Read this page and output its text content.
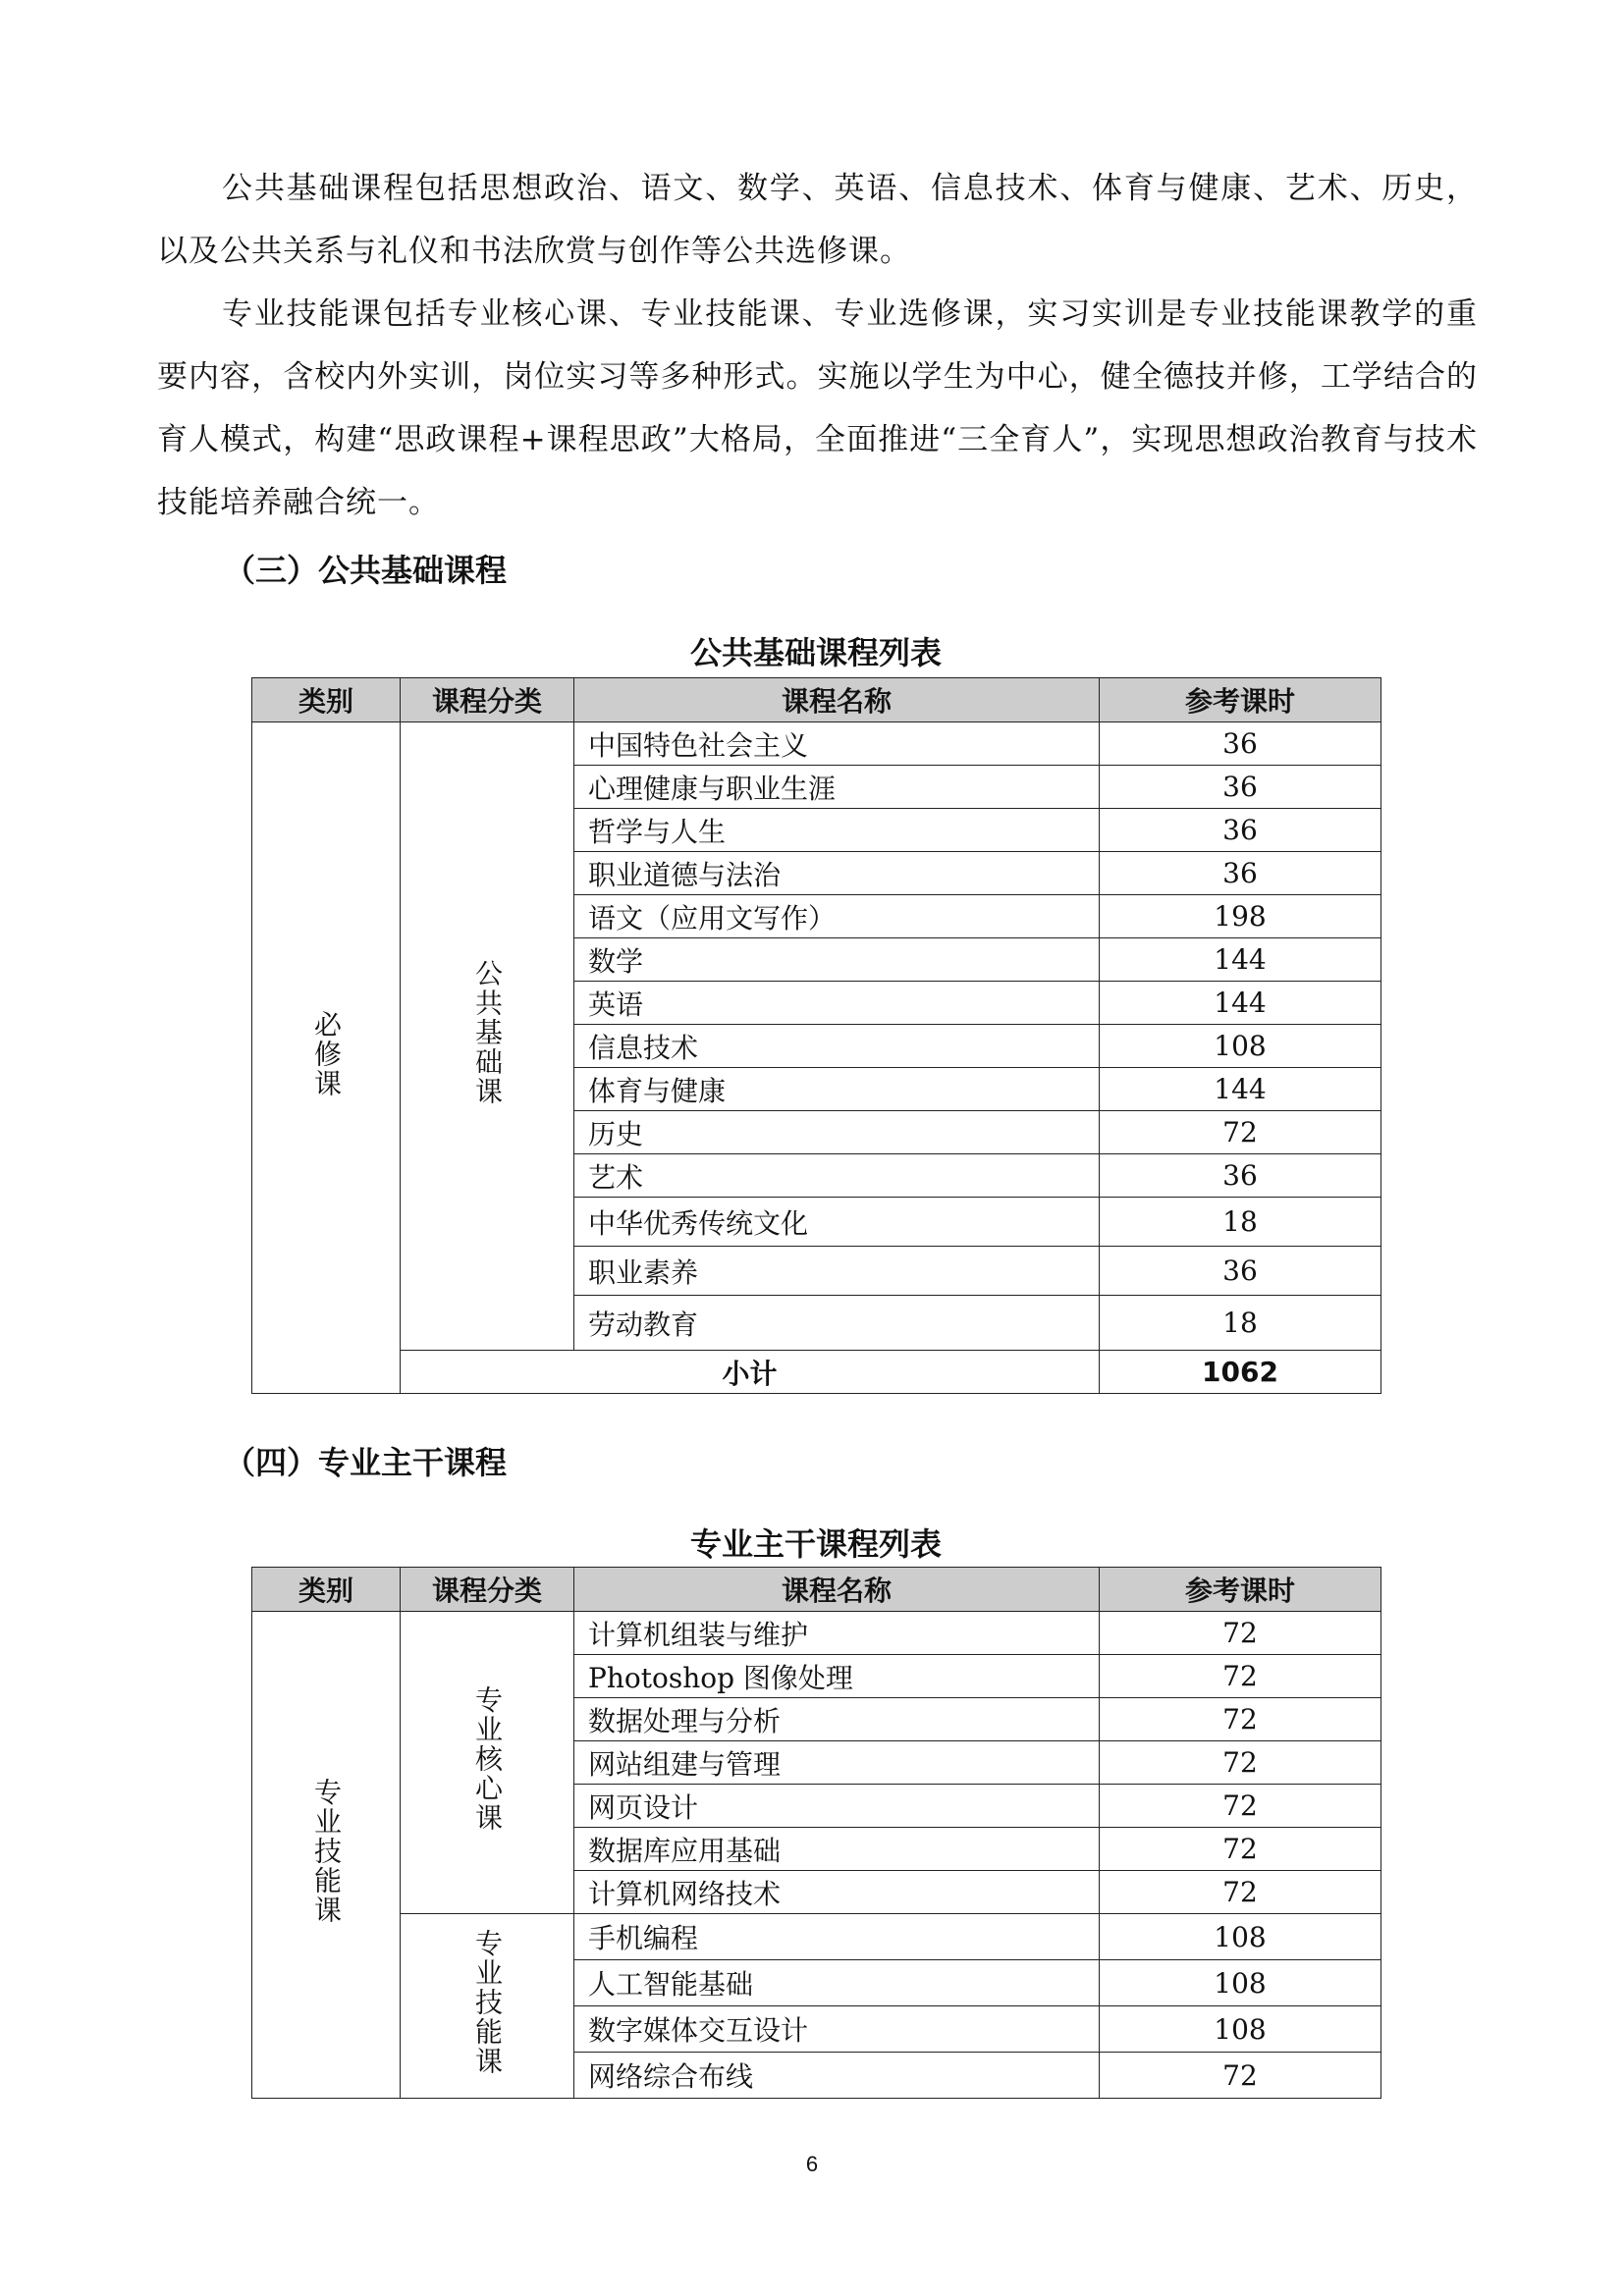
公共基础课程包括思想政治、语文、数学、英语、信息技术、体育与健康、艺术、历史，以及公共关系与礼仪和书法欣赏与创作等公共选修课。

专业技能课包括专业核心课、专业技能课、专业选修课，实习实训是专业技能课教学的重要内容，含校内外实训，岗位实习等多种形式。实施以学生为中心，健全德技并修，工学结合的育人模式，构建“思政课程+课程思政”大格局，全面推进“三全育人”，实现思想政治教育与技术技能培养融合统一。

（三）公共基础课程
公共基础课程列表
类别	课程分类	课程名称	参考课时
必修课	公共基础课	中国特色社会主义	36
		心理健康与职业生涯	36
		哲学与人生	36
		职业道德与法治	36
		语文（应用文写作）	198
		数学	144
		英语	144
		信息技术	108
		体育与健康	144
		历史	72
		艺术	36
		中华优秀传统文化	18
		职业素养	36
		劳动教育	18
	小计		1062
（四）专业主干课程
专业主干课程列表
类别	课程分类	课程名称	参考课时
专业技能课	专业核心课	计算机组装与维护	72
		Photoshop 图像处理	72
		数据处理与分析	72
		网站组建与管理	72
		网页设计	72
		数据库应用基础	72
		计算机网络技术	72
	专业技能课	手机编程	108
		人工智能基础	108
		数字媒体交互设计	108
		网络综合布线	72
6
